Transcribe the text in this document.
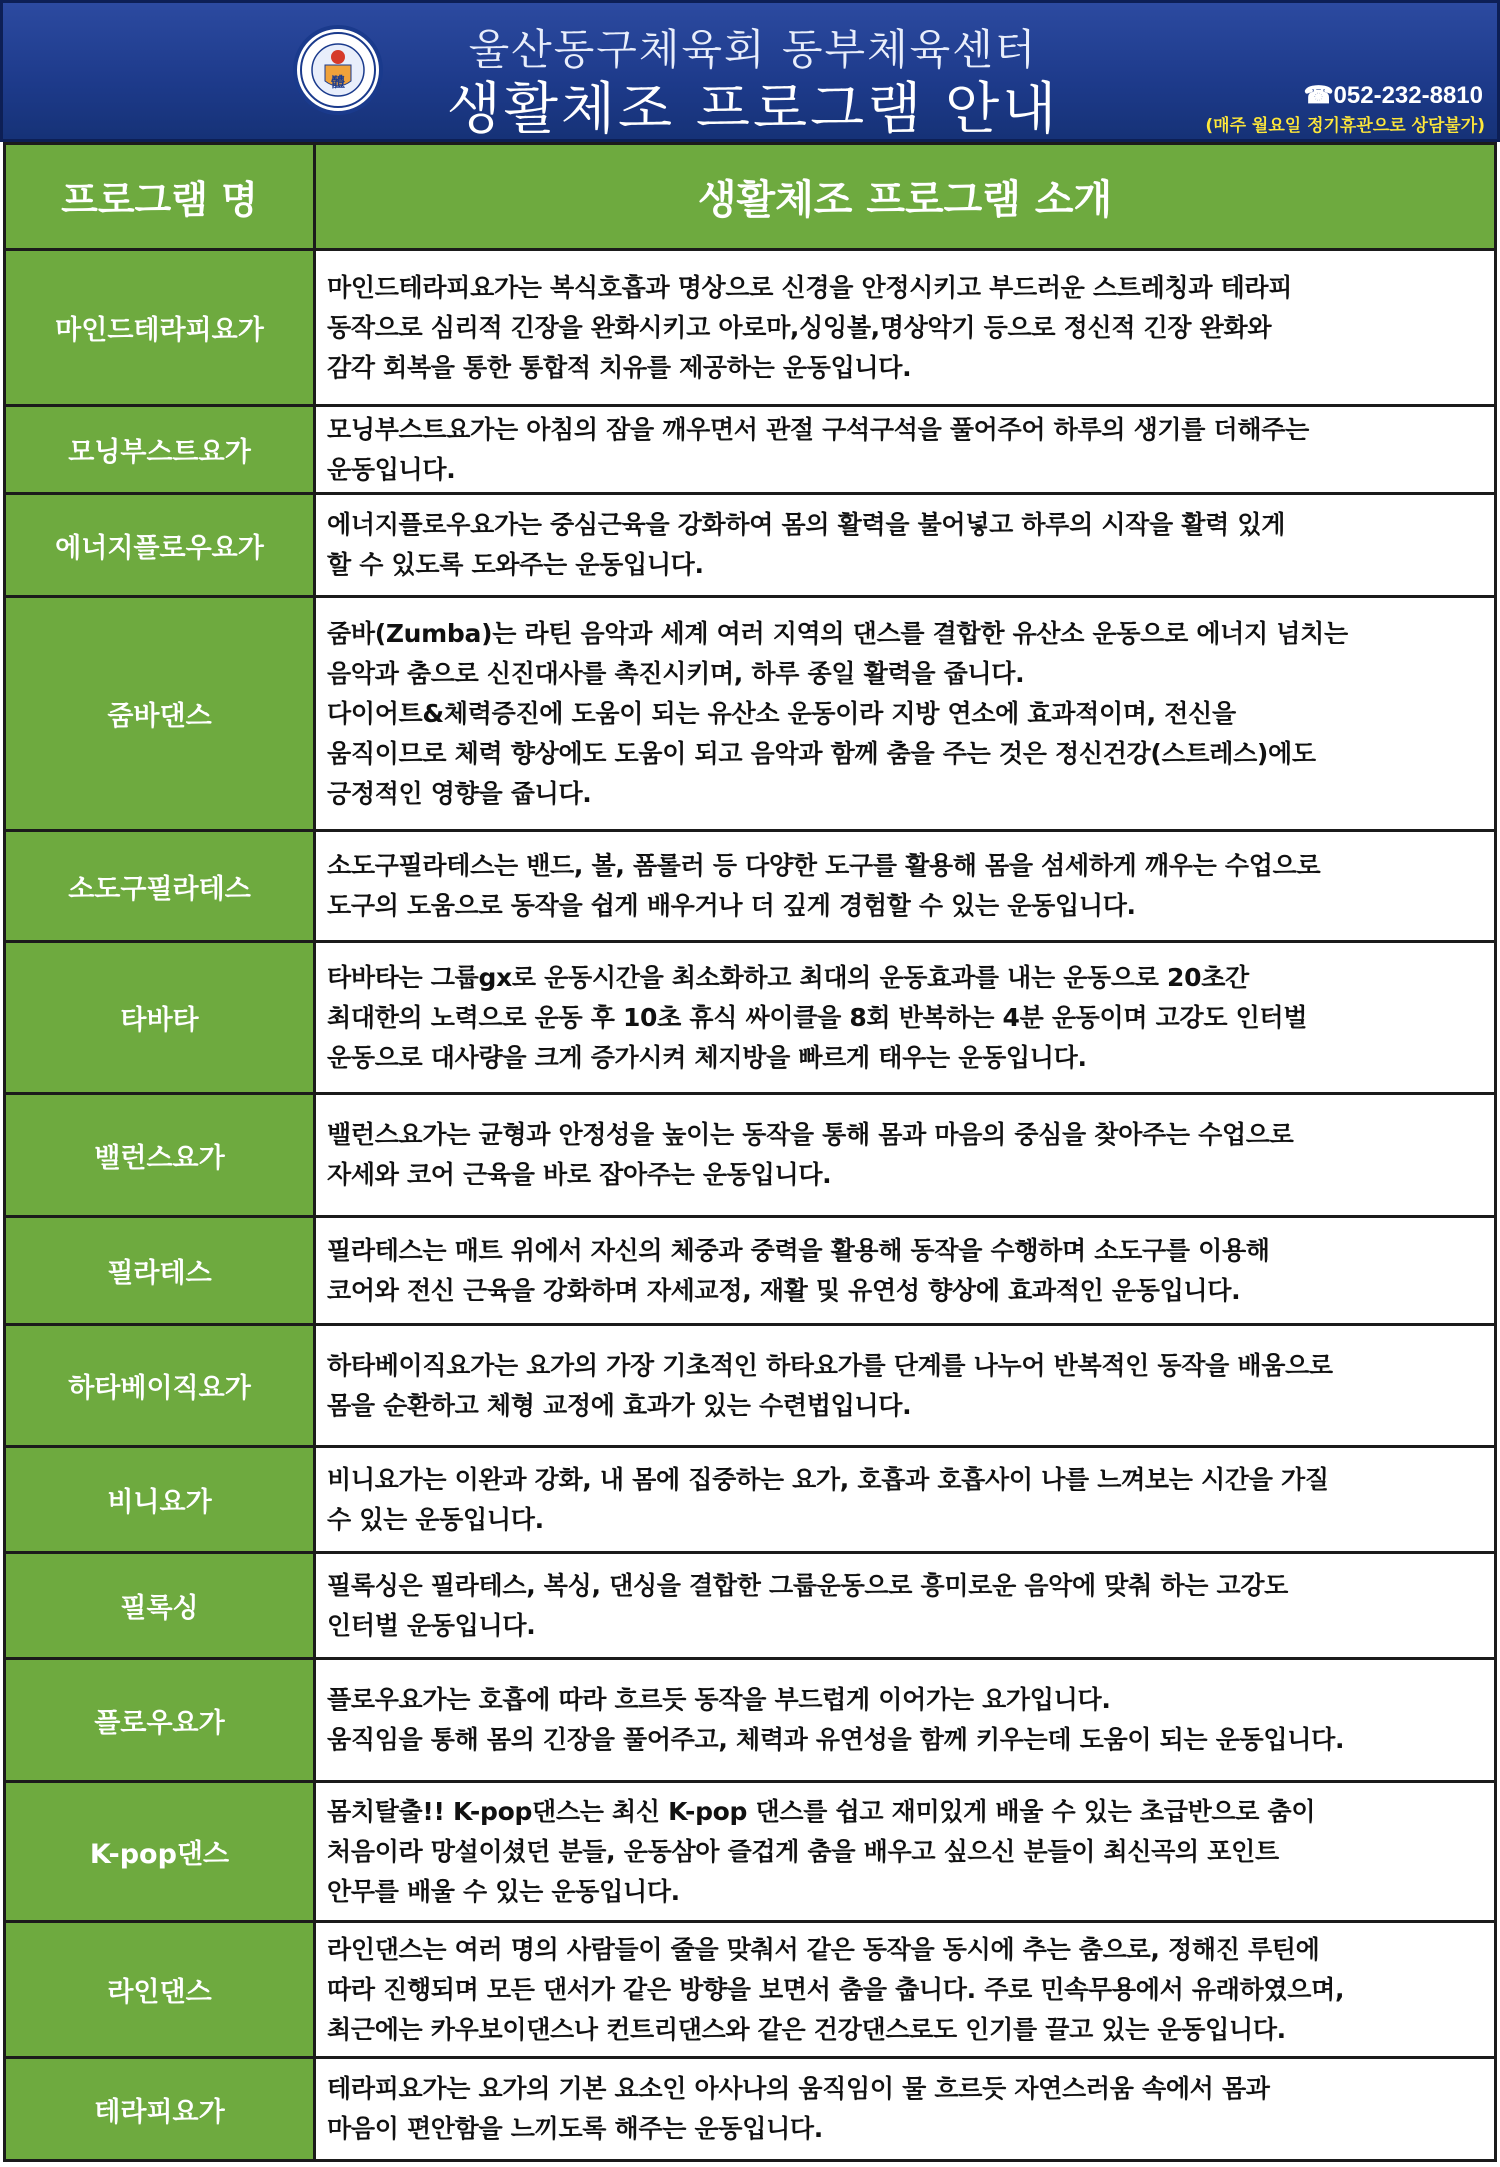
體
울산동구체육회 동부체육센터
생활체조 프로그램 안내	☎052-232-8810
(매주 월요일 정기휴관으로 상담불가)
프로그램 명	생활체조 프로그램 소개
마인드테라피요가
마인드테라피요가는 복식호흡과 명상으로 신경을 안정시키고 부드러운 스트레칭과 테라피
동작으로 심리적 긴장을 완화시키고 아로마,싱잉볼,명상악기 등으로 정신적 긴장 완화와
감각 회복을 통한 통합적 치유를 제공하는 운동입니다.
모닝부스트요가
모닝부스트요가는 아침의 잠을 깨우면서 관절 구석구석을 풀어주어 하루의 생기를 더해주는
운동입니다.
에너지플로우요가
에너지플로우요가는 중심근육을 강화하여 몸의 활력을 불어넣고 하루의 시작을 활력 있게
할 수 있도록 도와주는 운동입니다.
줌바댄스
줌바(Zumba)는 라틴 음악과 세계 여러 지역의 댄스를 결합한 유산소 운동으로 에너지 넘치는
음악과 춤으로 신진대사를 촉진시키며, 하루 종일 활력을 줍니다.
다이어트&체력증진에 도움이 되는 유산소 운동이라 지방 연소에 효과적이며, 전신을
움직이므로 체력 향상에도 도움이 되고 음악과 함께 춤을 주는 것은 정신건강(스트레스)에도
긍정적인 영향을 줍니다.
소도구필라테스
소도구필라테스는 밴드, 볼, 폼롤러 등 다양한 도구를 활용해 몸을 섬세하게 깨우는 수업으로
도구의 도움으로 동작을 쉽게 배우거나 더 깊게 경험할 수 있는 운동입니다.
타바타
타바타는 그룹gx로 운동시간을 최소화하고 최대의 운동효과를 내는 운동으로 20초간
최대한의 노력으로 운동 후 10초 휴식 싸이클을 8회 반복하는 4분 운동이며 고강도 인터벌
운동으로 대사량을 크게 증가시켜 체지방을 빠르게 태우는 운동입니다.
밸런스요가
밸런스요가는 균형과 안정성을 높이는 동작을 통해 몸과 마음의 중심을 찾아주는 수업으로
자세와 코어 근육을 바로 잡아주는 운동입니다.
필라테스
필라테스는 매트 위에서 자신의 체중과 중력을 활용해 동작을 수행하며 소도구를 이용해
코어와 전신 근육을 강화하며 자세교정, 재활 및 유연성 향상에 효과적인 운동입니다.
하타베이직요가
하타베이직요가는 요가의 가장 기초적인 하타요가를 단계를 나누어 반복적인 동작을 배움으로
몸을 순환하고 체형 교정에 효과가 있는 수련법입니다.
비니요가
비니요가는 이완과 강화, 내 몸에 집중하는 요가, 호흡과 호흡사이 나를 느껴보는 시간을 가질
수 있는 운동입니다.
필록싱
필록싱은 필라테스, 복싱, 댄싱을 결합한 그룹운동으로 흥미로운 음악에 맞춰 하는 고강도
인터벌 운동입니다.
플로우요가
플로우요가는 호흡에 따라 흐르듯 동작을 부드럽게 이어가는 요가입니다.
움직임을 통해 몸의 긴장을 풀어주고, 체력과 유연성을 함께 키우는데 도움이 되는 운동입니다.
K-pop댄스
몸치탈출!! K-pop댄스는 최신 K-pop 댄스를 쉽고 재미있게 배울 수 있는 초급반으로 춤이
처음이라 망설이셨던 분들, 운동삼아 즐겁게 춤을 배우고 싶으신 분들이 최신곡의 포인트
안무를 배울 수 있는 운동입니다.
라인댄스
라인댄스는 여러 명의 사람들이 줄을 맞춰서 같은 동작을 동시에 추는 춤으로, 정해진 루틴에
따라 진행되며 모든 댄서가 같은 방향을 보면서 춤을 춥니다. 주로 민속무용에서 유래하였으며,
최근에는 카우보이댄스나 컨트리댄스와 같은 건강댄스로도 인기를 끌고 있는 운동입니다.
테라피요가
테라피요가는 요가의 기본 요소인 아사나의 움직임이 물 흐르듯 자연스러움 속에서 몸과
마음이 편안함을 느끼도록 해주는 운동입니다.
